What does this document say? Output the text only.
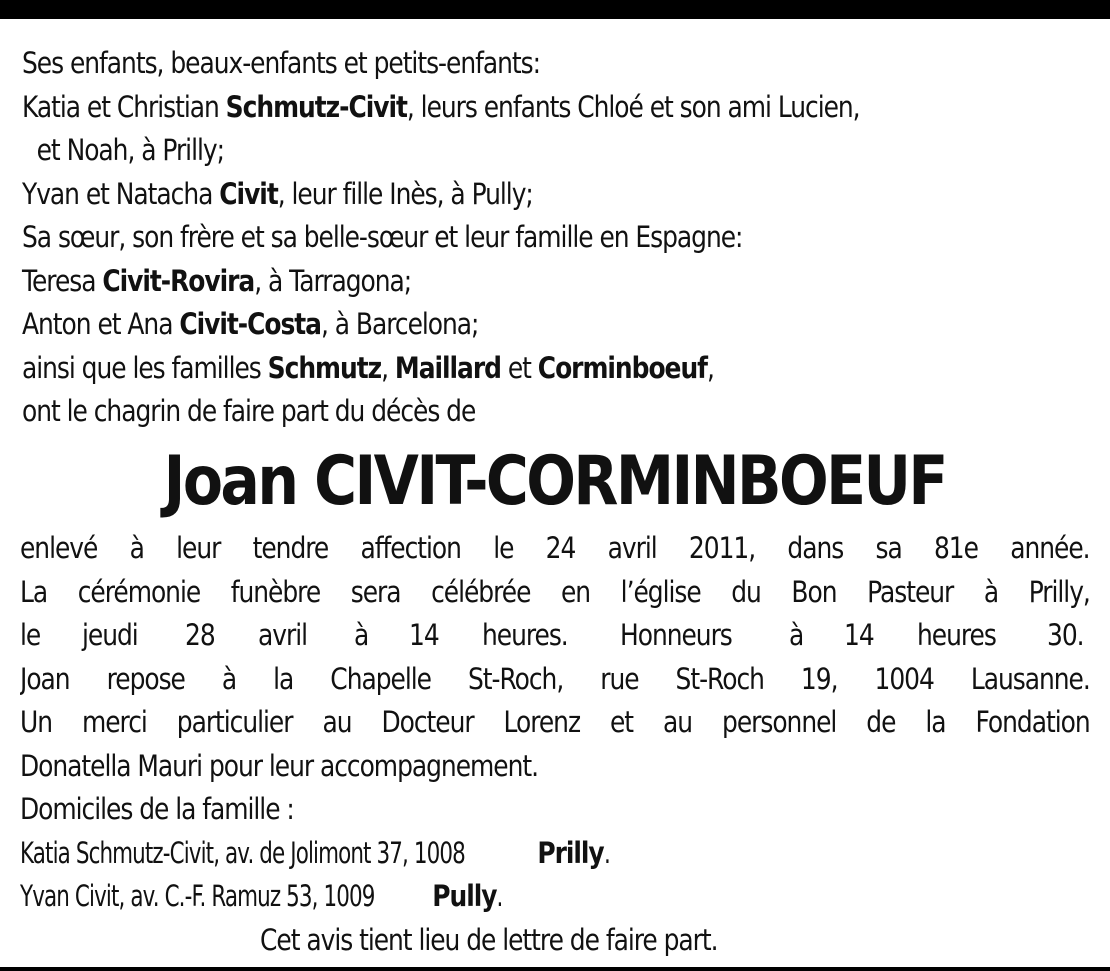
Ses enfants, beaux-enfants et petits-enfants:
Katia et Christian Schmutz-Civit, leurs enfants Chloé et son ami Lucien,
et Noah, à Prilly;
Yvan et Natacha Civit, leur fille Inès, à Pully;
Sa sœur, son frère et sa belle-sœur et leur famille en Espagne:
Teresa Civit-Rovira, à Tarragona;
Anton et Ana Civit-Costa, à Barcelona;
ainsi que les familles Schmutz, Maillard et Corminboeuf,
ont le chagrin de faire part du décès de
Joan CIVIT-CORMINBOEUF
enlevé à leur tendre affection le 24 avril 2011, dans sa 81e année.
La cérémonie funèbre sera célébrée en l’église du Bon Pasteur à Prilly,
le jeudi 28 avril à 14 heures. Honneurs à 14 heures 30.
Joan repose à la Chapelle St-Roch, rue St-Roch 19, 1004 Lausanne.
Un merci particulier au Docteur Lorenz et au personnel de la Fondation
Donatella Mauri pour leur accompagnement.
Domiciles de la famille :
Katia Schmutz-Civit, av. de Jolimont 37, 1008Prilly.
Yvan Civit, av. C.-F. Ramuz 53, 1009Pully.
Cet avis tient lieu de lettre de faire part.
